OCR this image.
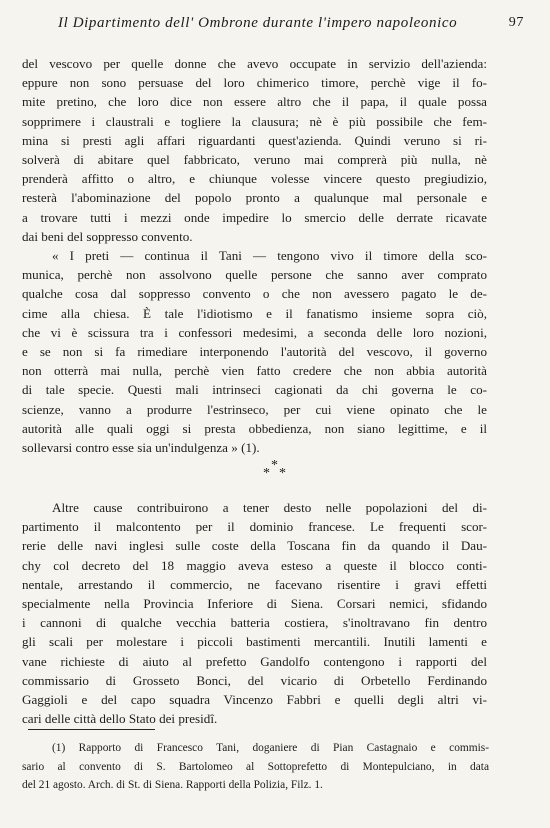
Il Dipartimento dell' Ombrone durante l'impero napoleonico	97

del vescovo per quelle donne che avevo occupate in servizio dell'azienda:
eppure non sono persuase del loro chimerico timore, perchè vige il fo-
mite pretino, che loro dice non essere altro che il papa, il quale possa
sopprimere i claustrali e togliere la clausura; nè è più possibile che fem-
mina si presti agli affari riguardanti quest'azienda. Quindi veruno si ri-
solverà di abitare quel fabbricato, veruno mai comprerà più nulla, nè
prenderà affitto o altro, e chiunque volesse vincere questo pregiudizio,
resterà l'abominazione del popolo pronto a qualunque mal personale e
a trovare tutti i mezzi onde impedire lo smercio delle derrate ricavate
dai beni del soppresso convento.

« I preti — continua il Tani — tengono vivo il timore della sco-
munica, perchè non assolvono quelle persone che sanno aver comprato
qualche cosa dal soppresso convento o che non avessero pagato le de-
cime alla chiesa. È tale l'idiotismo e il fanatismo insieme sopra ciò,
che vi è scissura tra i confessori medesimi, a seconda delle loro nozioni,
e se non si fa rimediare interponendo l'autorità del vescovo, il governo
non otterrà mai nulla, perchè vien fatto credere che non abbia autorità
di tale specie. Questi mali intrinseci cagionati da chi governa le co-
scienze, vanno a produrre l'estrinseco, per cui viene opinato che le
autorità alle quali oggi si presta obbedienza, non siano legittime, e il
sollevarsi contro esse sia un'indulgenza » (1).

*
* *

Altre cause contribuirono a tener desto nelle popolazioni del di-
partimento il malcontento per il dominio francese. Le frequenti scor-
rerie delle navi inglesi sulle coste della Toscana fin da quando il Dau-
chy col decreto del 18 maggio aveva esteso a queste il blocco conti-
nentale, arrestando il commercio, ne facevano risentire i gravi effetti
specialmente nella Provincia Inferiore di Siena. Corsari nemici, sfidando
i cannoni di qualche vecchia batteria costiera, s'inoltravano fin dentro
gli scali per molestare i piccoli bastimenti mercantili. Inutili lamenti e
vane richieste di aiuto al prefetto Gandolfo contengono i rapporti del
commissario di Grosseto Bonci, del vicario di Orbetello Ferdinando
Gaggioli e del capo squadra Vincenzo Fabbri e quelli degli altri vi-
cari delle città dello Stato dei presidî.

(1) Rapporto di Francesco Tani, doganiere di Pian Castagnaio e commis-
sario al convento di S. Bartolomeo al Sottoprefetto di Montepulciano, in data
del 21 agosto. Arch. di St. di Siena. Rapporti della Polizia, Filz. 1.
